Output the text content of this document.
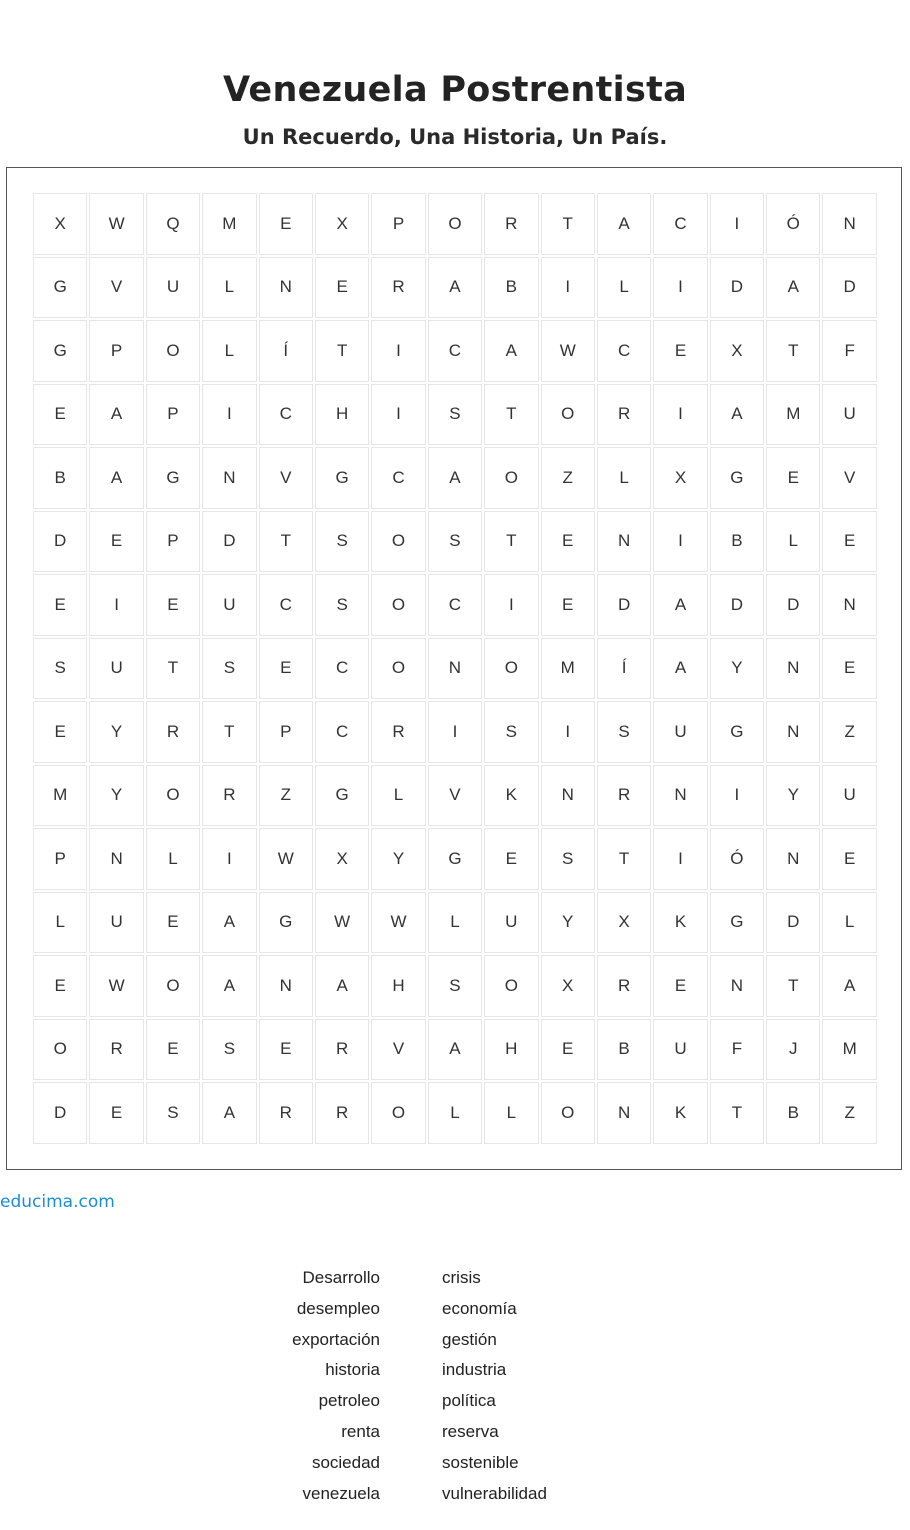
Venezuela Postrentista
Un Recuerdo, Una Historia, Un País.
X	W	Q	M	E	X	P	O	R	T	A	C	I	Ó	N
G	V	U	L	N	E	R	A	B	I	L	I	D	A	D
G	P	O	L	Í	T	I	C	A	W	C	E	X	T	F
E	A	P	I	C	H	I	S	T	O	R	I	A	M	U
B	A	G	N	V	G	C	A	O	Z	L	X	G	E	V
D	E	P	D	T	S	O	S	T	E	N	I	B	L	E
E	I	E	U	C	S	O	C	I	E	D	A	D	D	N
S	U	T	S	E	C	O	N	O	M	Í	A	Y	N	E
E	Y	R	T	P	C	R	I	S	I	S	U	G	N	Z
M	Y	O	R	Z	G	L	V	K	N	R	N	I	Y	U
P	N	L	I	W	X	Y	G	E	S	T	I	Ó	N	E
L	U	E	A	G	W	W	L	U	Y	X	K	G	D	L
E	W	O	A	N	A	H	S	O	X	R	E	N	T	A
O	R	E	S	E	R	V	A	H	E	B	U	F	J	M
D	E	S	A	R	R	O	L	L	O	N	K	T	B	Z
educima.com
Desarrollo
desempleo
exportación
historia
petroleo
renta
sociedad
venezuela
crisis
economía
gestión
industria
política
reserva
sostenible
vulnerabilidad
